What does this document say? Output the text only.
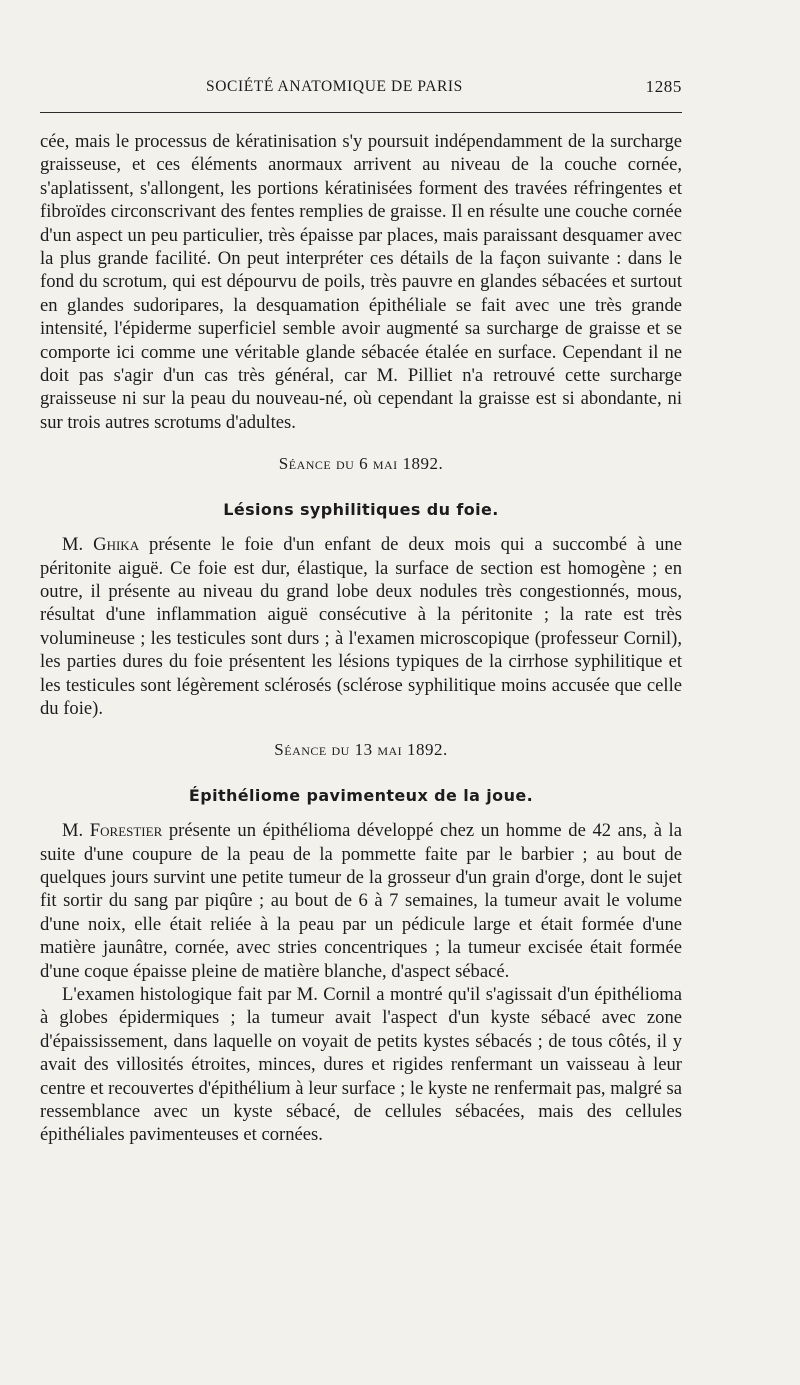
SOCIÉTÉ ANATOMIQUE DE PARIS	1285

cée, mais le processus de kératinisation s'y poursuit indépendamment de la surcharge graisseuse, et ces éléments anormaux arrivent au niveau de la couche cornée, s'aplatissent, s'allongent, les portions kératinisées forment des travées réfringentes et fibroïdes circonscrivant des fentes remplies de graisse. Il en résulte une couche cornée d'un aspect un peu particulier, très épaisse par places, mais paraissant desquamer avec la plus grande facilité. On peut interpréter ces détails de la façon suivante : dans le fond du scrotum, qui est dépourvu de poils, très pauvre en glandes sébacées et surtout en glandes sudoripares, la desquamation épithéliale se fait avec une très grande intensité, l'épiderme superficiel semble avoir augmenté sa surcharge de graisse et se comporte ici comme une véritable glande sébacée étalée en surface. Cependant il ne doit pas s'agir d'un cas très général, car M. Pilliet n'a retrouvé cette surcharge graisseuse ni sur la peau du nouveau-né, où cependant la graisse est si abondante, ni sur trois autres scrotums d'adultes.

Séance du 6 mai 1892.

Lésions syphilitiques du foie.

M. Ghika présente le foie d'un enfant de deux mois qui a succombé à une péritonite aiguë. Ce foie est dur, élastique, la surface de section est homogène ; en outre, il présente au niveau du grand lobe deux nodules très congestionnés, mous, résultat d'une inflammation aiguë consécutive à la péritonite ; la rate est très volumineuse ; les testicules sont durs ; à l'examen microscopique (professeur Cornil), les parties dures du foie présentent les lésions typiques de la cirrhose syphilitique et les testicules sont légèrement sclérosés (sclérose syphilitique moins accusée que celle du foie).

Séance du 13 mai 1892.

Épithéliome pavimenteux de la joue.

M. Forestier présente un épithélioma développé chez un homme de 42 ans, à la suite d'une coupure de la peau de la pommette faite par le barbier ; au bout de quelques jours survint une petite tumeur de la grosseur d'un grain d'orge, dont le sujet fit sortir du sang par piqûre ; au bout de 6 à 7 semaines, la tumeur avait le volume d'une noix, elle était reliée à la peau par un pédicule large et était formée d'une matière jaunâtre, cornée, avec stries concentriques ; la tumeur excisée était formée d'une coque épaisse pleine de matière blanche, d'aspect sébacé.

L'examen histologique fait par M. Cornil a montré qu'il s'agissait d'un épithélioma à globes épidermiques ; la tumeur avait l'aspect d'un kyste sébacé avec zone d'épaississement, dans laquelle on voyait de petits kystes sébacés ; de tous côtés, il y avait des villosités étroites, minces, dures et rigides renfermant un vaisseau à leur centre et recouvertes d'épithélium à leur surface ; le kyste ne renfermait pas, malgré sa ressemblance avec un kyste sébacé, de cellules sébacées, mais des cellules épithéliales pavimenteuses et cornées.
